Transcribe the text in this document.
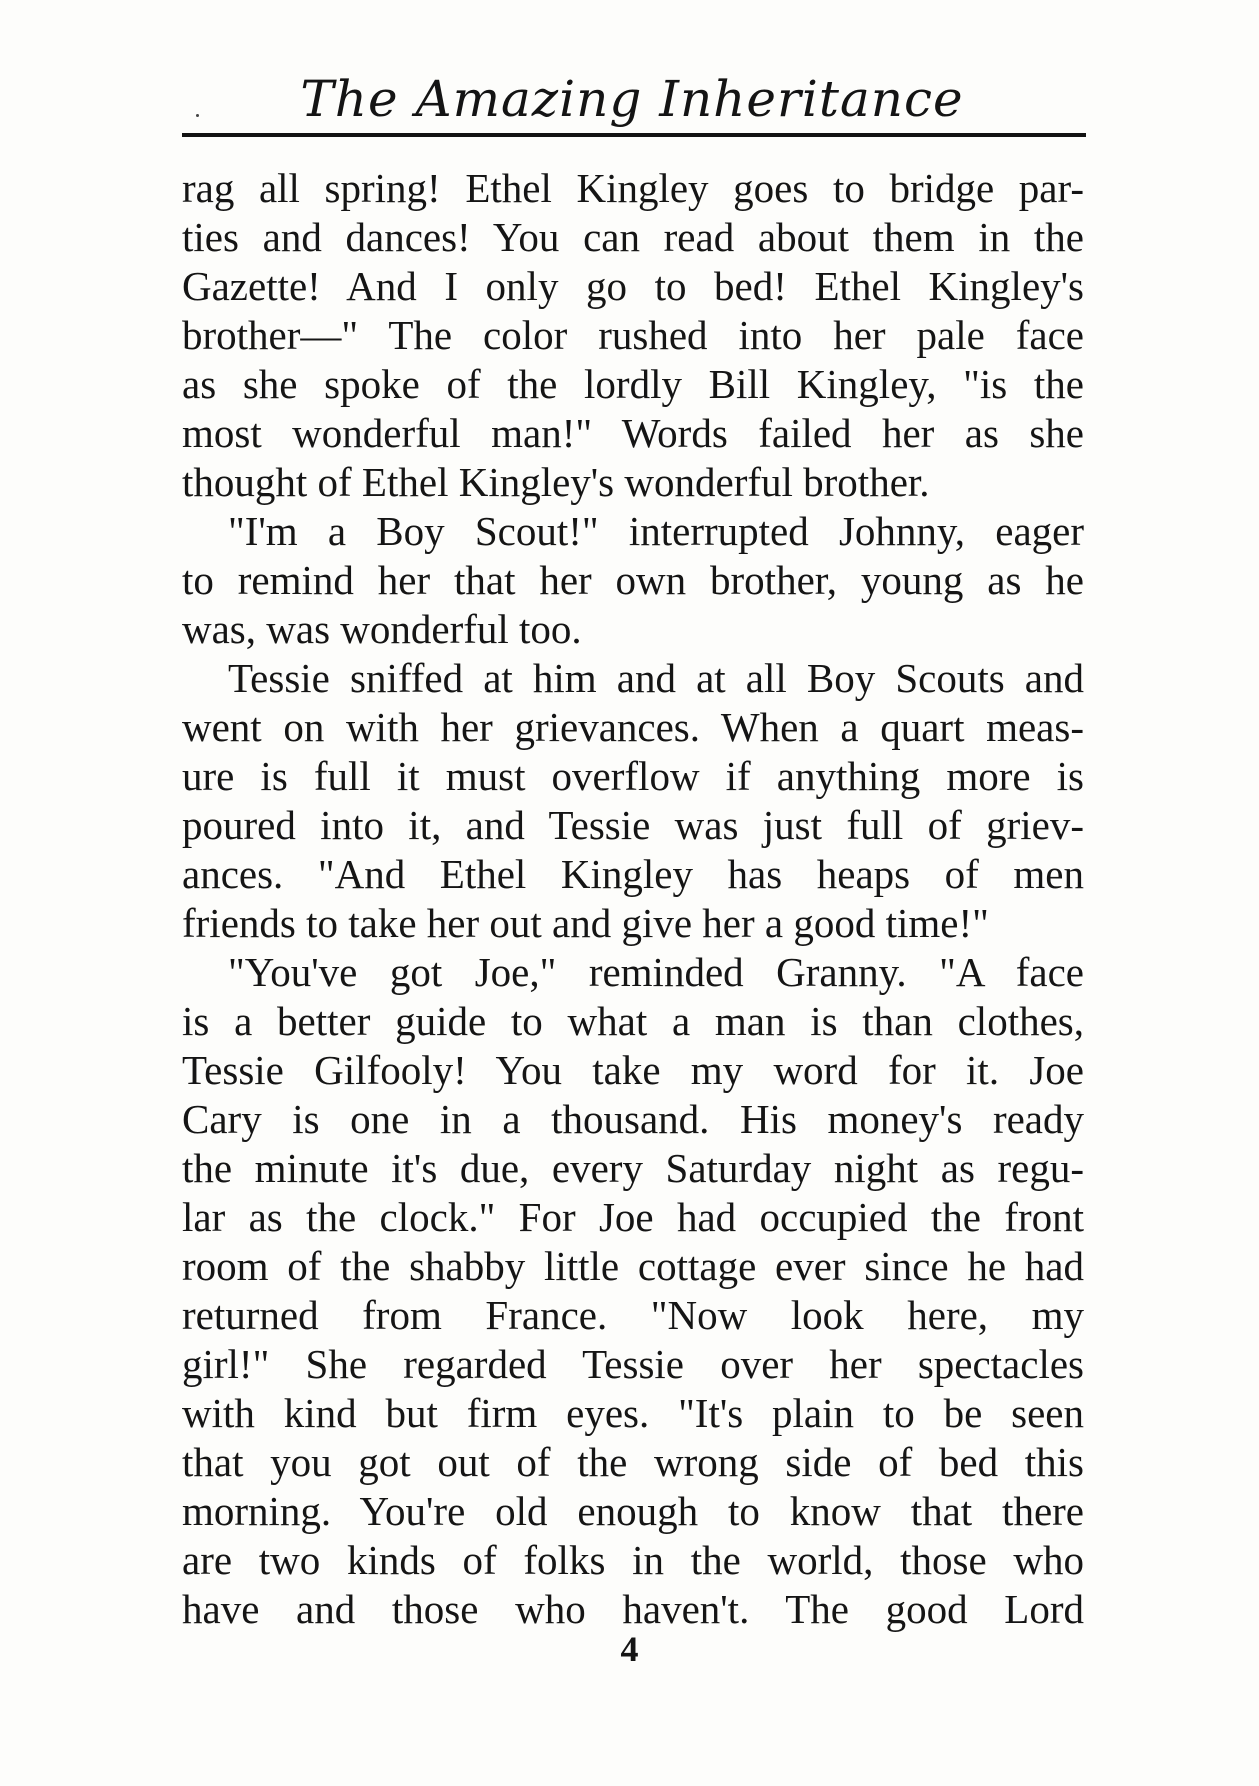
The Amazing Inheritance
rag all spring! Ethel Kingley goes to bridge par-
ties and dances! You can read about them in the
Gazette! And I only go to bed! Ethel Kingley's
brother—" The color rushed into her pale face
as she spoke of the lordly Bill Kingley, "is the
most wonderful man!" Words failed her as she
thought of Ethel Kingley's wonderful brother.
"I'm a Boy Scout!" interrupted Johnny, eager
to remind her that her own brother, young as he
was, was wonderful too.
Tessie sniffed at him and at all Boy Scouts and
went on with her grievances. When a quart meas-
ure is full it must overflow if anything more is
poured into it, and Tessie was just full of griev-
ances. "And Ethel Kingley has heaps of men
friends to take her out and give her a good time!"
"You've got Joe," reminded Granny. "A face
is a better guide to what a man is than clothes,
Tessie Gilfooly! You take my word for it. Joe
Cary is one in a thousand. His money's ready
the minute it's due, every Saturday night as regu-
lar as the clock." For Joe had occupied the front
room of the shabby little cottage ever since he had
returned from France. "Now look here, my
girl!" She regarded Tessie over her spectacles
with kind but firm eyes. "It's plain to be seen
that you got out of the wrong side of bed this
morning. You're old enough to know that there
are two kinds of folks in the world, those who
have and those who haven't. The good Lord
4
